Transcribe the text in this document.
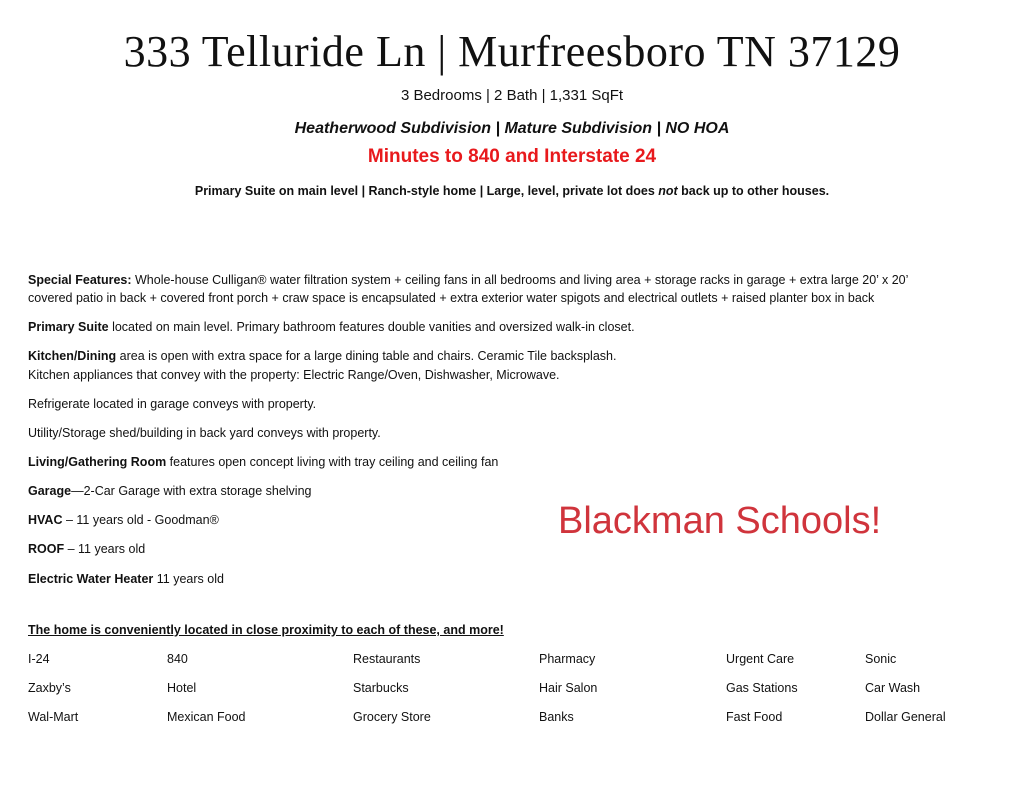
333 Telluride Ln | Murfreesboro TN 37129
3 Bedrooms | 2 Bath | 1,331 SqFt
Heatherwood Subdivision | Mature Subdivision | NO HOA
Minutes to 840 and Interstate 24
Primary Suite on main level | Ranch-style home | Large, level, private lot does not back up to other houses.
Special Features: Whole-house Culligan® water filtration system + ceiling fans in all bedrooms and living area + storage racks in garage + extra large 20’ x 20’
covered patio in back + covered front porch + craw space is encapsulated + extra exterior water spigots and electrical outlets + raised planter box in back
Primary Suite located on main level. Primary bathroom features double vanities and oversized walk-in closet.
Kitchen/Dining area is open with extra space for a large dining table and chairs. Ceramic Tile backsplash.
Kitchen appliances that convey with the property: Electric Range/Oven, Dishwasher, Microwave.
Refrigerate located in garage conveys with property.
Utility/Storage shed/building in back yard conveys with property.
Living/Gathering Room features open concept living with tray ceiling and ceiling fan
Garage—2-Car Garage with extra storage shelving
HVAC – 11 years old - Goodman®
ROOF – 11 years old
Electric Water Heater 11 years old
Blackman Schools!
The home is conveniently located in close proximity to each of these, and more!
I-24	840	Restaurants	Pharmacy	Urgent Care	Sonic
Zaxby’s	Hotel	Starbucks	Hair Salon	Gas Stations	Car Wash
Wal-Mart	Mexican Food	Grocery Store	Banks	Fast Food	Dollar General
